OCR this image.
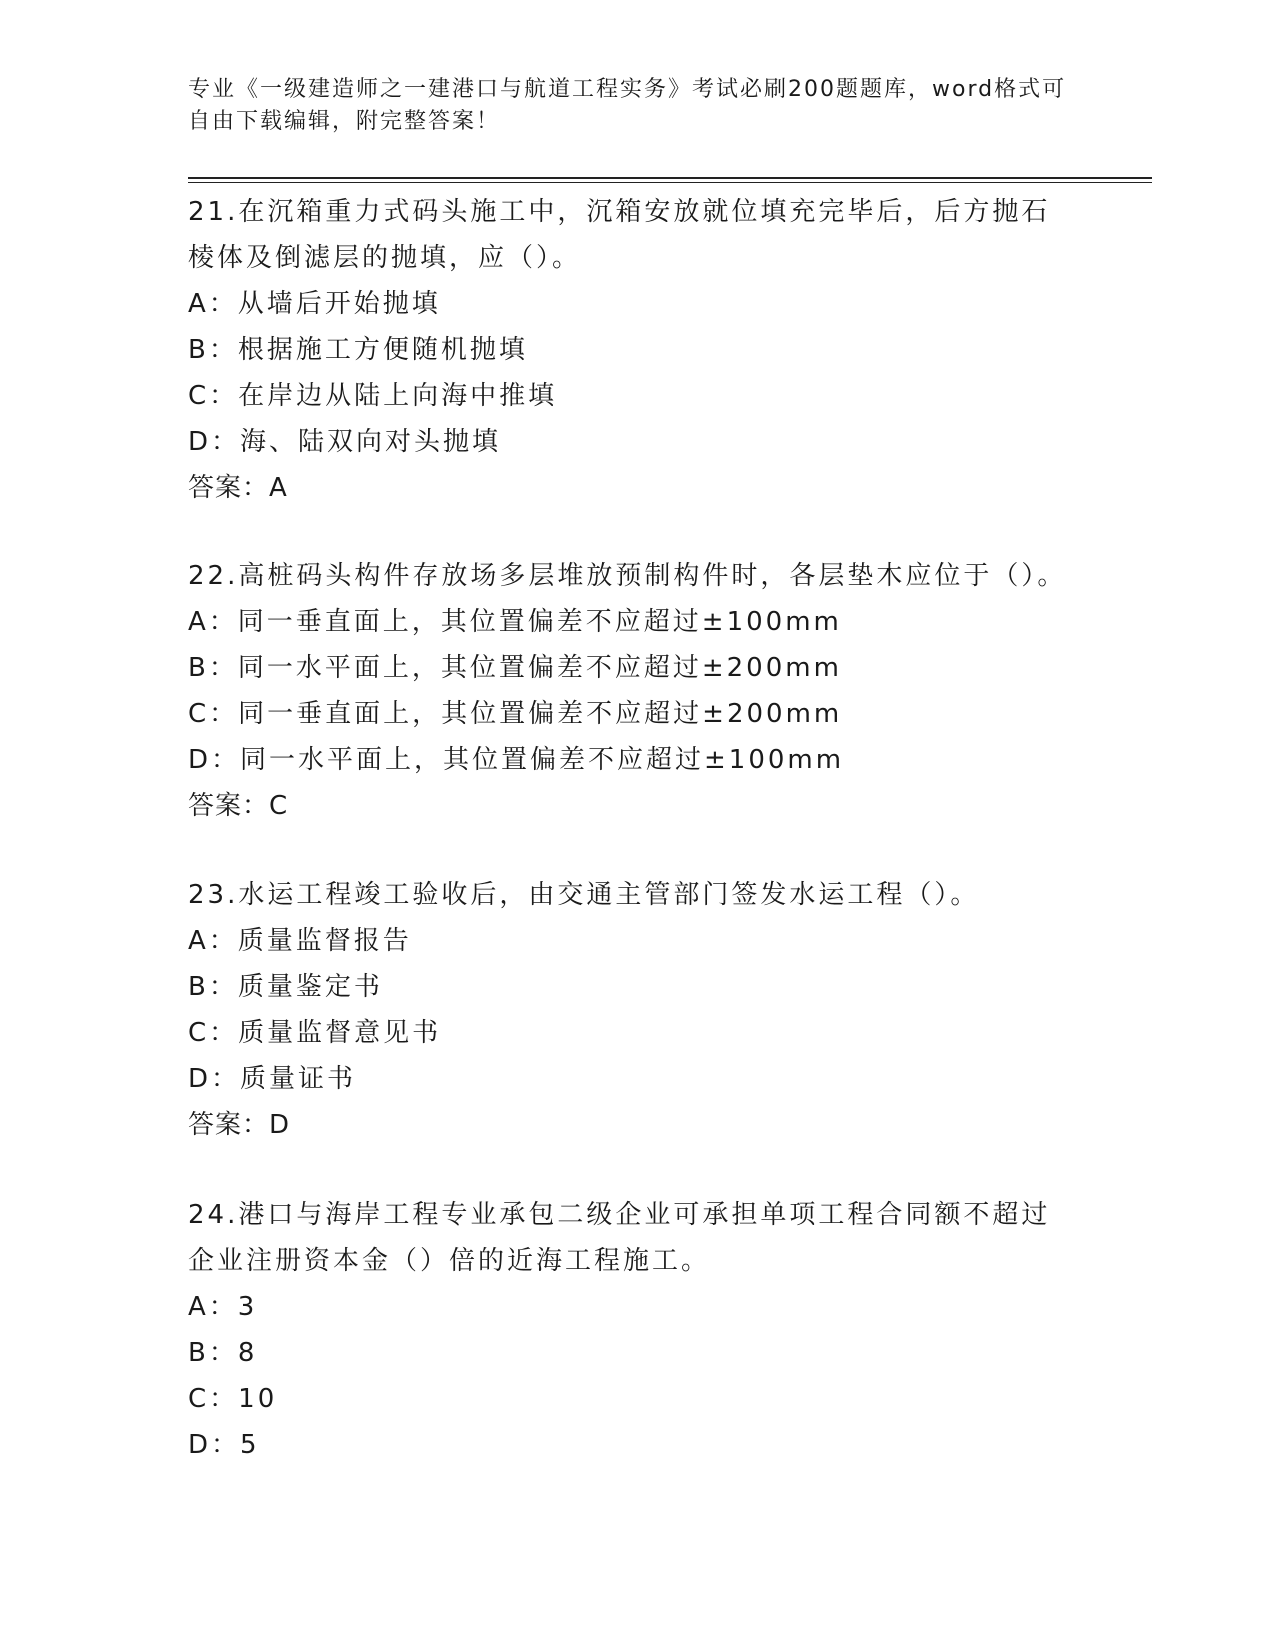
专业《一级建造师之一建港口与航道工程实务》考试必刷200题题库，word格式可自由下载编辑，附完整答案！
21.在沉箱重力式码头施工中，沉箱安放就位填充完毕后，后方抛石棱体及倒滤层的抛填，应（）。
A：从墙后开始抛填
B：根据施工方便随机抛填
C：在岸边从陆上向海中推填
D：海、陆双向对头抛填
答案：A
22.高桩码头构件存放场多层堆放预制构件时，各层垫木应位于（）。
A：同一垂直面上，其位置偏差不应超过±100mm
B：同一水平面上，其位置偏差不应超过±200mm
C：同一垂直面上，其位置偏差不应超过±200mm
D：同一水平面上，其位置偏差不应超过±100mm
答案：C
23.水运工程竣工验收后，由交通主管部门签发水运工程（）。
A：质量监督报告
B：质量鉴定书
C：质量监督意见书
D：质量证书
答案：D
24.港口与海岸工程专业承包二级企业可承担单项工程合同额不超过企业注册资本金（）倍的近海工程施工。
A：3
B：8
C：10
D：5
